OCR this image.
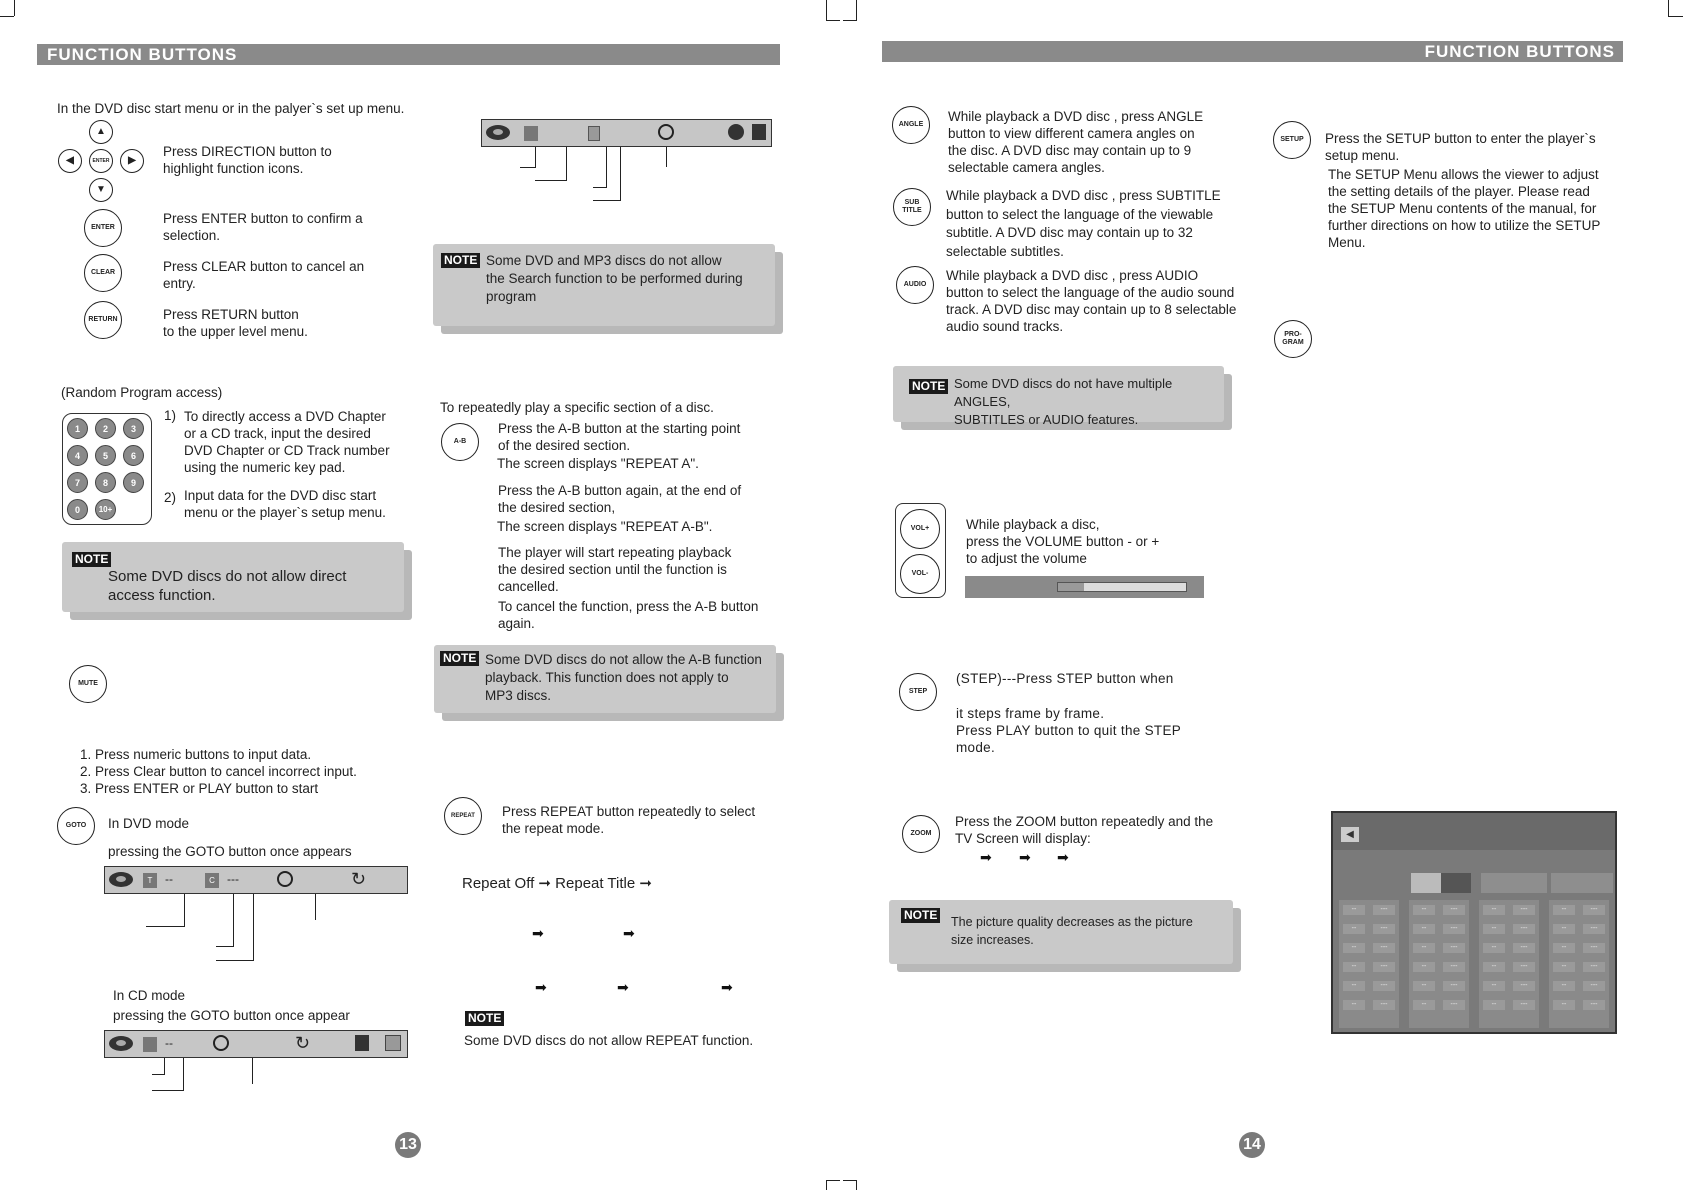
FUNCTION BUTTONS
In the DVD disc start menu or in the palyer`s set up menu.
▲
◀	ENTER	▶
▼
Press DIRECTION button to
highlight function icons.
ENTER
Press ENTER button to confirm a
selection.
CLEAR	Press CLEAR button to cancel an
entry.
RETURN	Press RETURN button
to the upper level menu.
(Random Program access)
1	2	3
4	5	6
7	8	9
0	10+
1) To directly access a DVD Chapter
or a CD track, input the desired
DVD Chapter or CD Track number
using the numeric key pad.
2) Input data for the DVD disc start
menu or the player`s setup menu.
NOTE
Some DVD discs do not allow direct
access function.
MUTE
1. Press numeric buttons to input data.
2. Press Clear button to cancel incorrect input.
3. Press ENTER or PLAY button to start
GOTO	In DVD mode
pressing the GOTO button once appears
T	--	C	---	↻
In CD mode
pressing the GOTO button once appear
--	↻
NOTE Some DVD and MP3 discs do not allow
the Search function to be performed during
program
To repeatedly play a specific section of a disc.
A-B
Press the A-B button at the starting point
of the desired section.
The screen displays "REPEAT A".
Press the A-B button again, at the end of
the desired section,
The screen displays "REPEAT A-B".
The player will start repeating playback
the desired section until the function is
cancelled.
To cancel the function, press the A-B button
again.
NOTE Some DVD discs do not allow the A-B function
playback. This function does not apply to
MP3 discs.
REPEAT	Press REPEAT button repeatedly to select
the repeat mode.
Repeat Off ➞ Repeat Title ➞
➡	➡
➡	➡	➡
NOTE
Some DVD discs do not allow REPEAT function.
13
FUNCTION BUTTONS
ANGLE
While playback a DVD disc , press ANGLE
button to view different camera angles on
the disc. A DVD disc may contain up to 9
selectable camera angles.
SUB TITLE
While playback a DVD disc , press SUBTITLE
button to select the language of the viewable
subtitle. A DVD disc may contain up to 32
selectable subtitles.
AUDIO
While playback a DVD disc , press AUDIO
button to select the language of the audio sound
track. A DVD disc may contain up to 8 selectable
audio sound tracks.
NOTE Some DVD discs do not have multiple ANGLES,
SUBTITLES or AUDIO features.
VOL+
VOL-
While playback a disc,
press the VOLUME button - or +
to adjust the volume
STEP
(STEP)---Press STEP button when
it steps frame by frame.
Press PLAY button to quit the STEP
mode.
ZOOM
Press the ZOOM button repeatedly and the
TV Screen will display:
➡ ➡ ➡
NOTE The picture quality decreases as the picture
size increases.
SETUP	Press the SETUP button to enter the player`s
setup menu.
The SETUP Menu allows the viewer to adjust
the setting details of the player. Please read
the SETUP Menu contents of the manual, for
further directions on how to utilize the SETUP
Menu.
PRO- GRAM
◀
--	---
--	---
--	---
--	---
--	---
--	---
--	---
--	---
--	---
--	---
--	---
--	---
--	---
--	---
--	---
--	---
--	---
--	---
--	---
--	---
--	---
--	---
--	---
--	---
14
